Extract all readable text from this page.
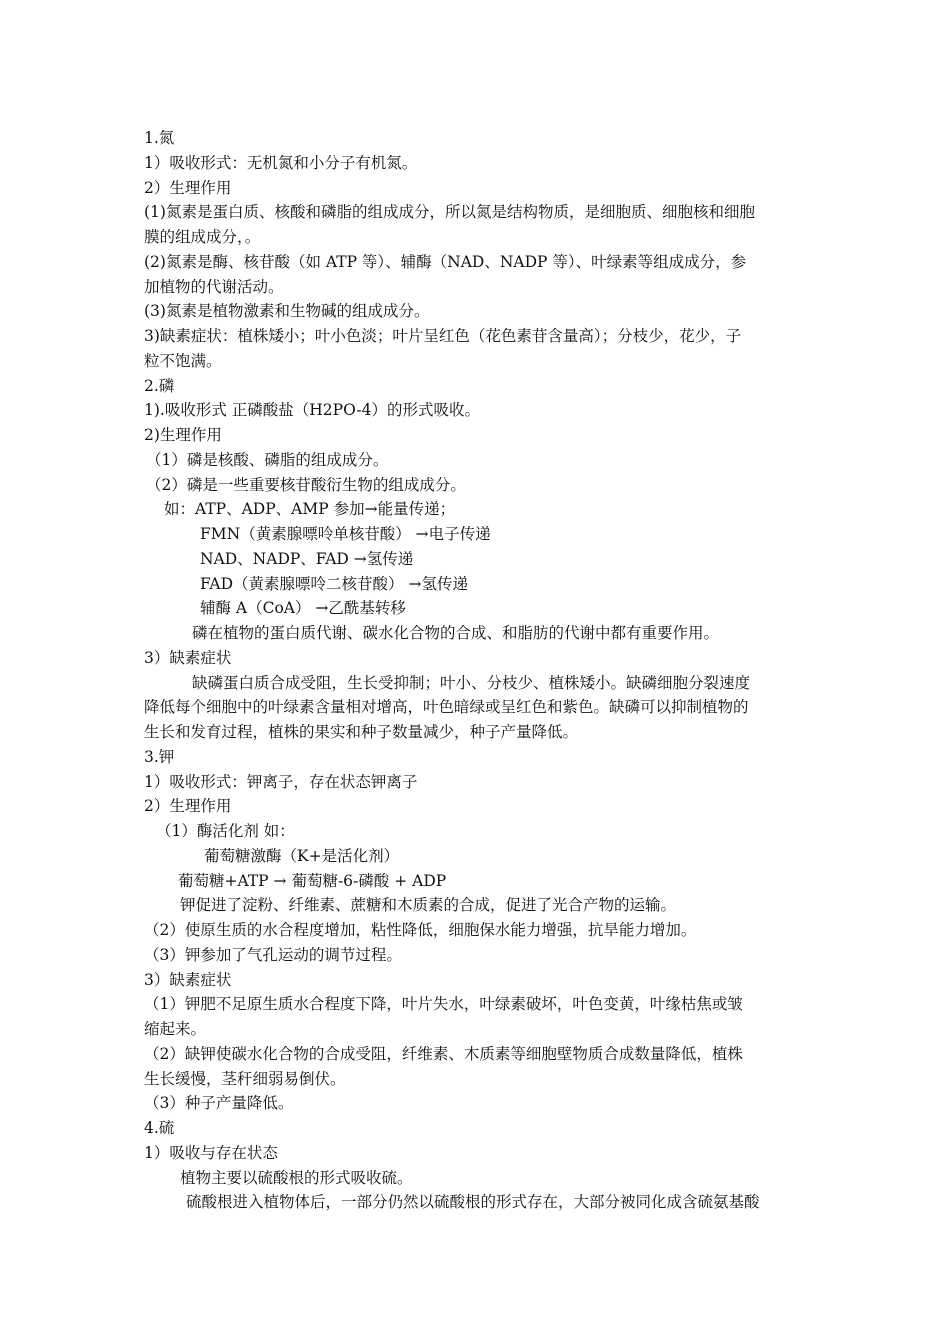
1.氮
1）吸收形式：无机氮和小分子有机氮。
2）生理作用
(1)氮素是蛋白质、核酸和磷脂的组成成分，所以氮是结构物质，是细胞质、细胞核和细胞
膜的组成成分，。
(2)氮素是酶、核苷酸（如 ATP 等）、辅酶（NAD、NADP 等）、叶绿素等组成成分，参
加植物的代谢活动。
(3)氮素是植物激素和生物碱的组成成分。
3)缺素症状：植株矮小；叶小色淡；叶片呈红色（花色素苷含量高）；分枝少，花少，子
粒不饱满。
2.磷
1).吸收形式 正磷酸盐（H2PO-4）的形式吸收。
2)生理作用
（1）磷是核酸、磷脂的组成成分。
（2）磷是一些重要核苷酸衍生物的组成成分。
如：ATP、ADP、AMP 参加→能量传递；
FMN（黄素腺嘌呤单核苷酸） →电子传递
NAD、NADP、FAD →氢传递
FAD（黄素腺嘌呤二核苷酸） →氢传递
辅酶 A（CoA） →乙酰基转移
磷在植物的蛋白质代谢、碳水化合物的合成、和脂肪的代谢中都有重要作用。
3）缺素症状
缺磷蛋白质合成受阻，生长受抑制；叶小、分枝少、植株矮小。缺磷细胞分裂速度
降低每个细胞中的叶绿素含量相对增高，叶色暗绿或呈红色和紫色。缺磷可以抑制植物的
生长和发育过程，植株的果实和种子数量减少，种子产量降低。
3.钾
1）吸收形式：钾离子，存在状态钾离子
2）生理作用
（1）酶活化剂 如：
葡萄糖激酶（K+是活化剂）
葡萄糖+ATP → 葡萄糖-6-磷酸 + ADP
钾促进了淀粉、纤维素、蔗糖和木质素的合成，促进了光合产物的运输。
（2）使原生质的水合程度增加，粘性降低，细胞保水能力增强，抗旱能力增加。
（3）钾参加了气孔运动的调节过程。
3）缺素症状
（1）钾肥不足原生质水合程度下降，叶片失水，叶绿素破坏，叶色变黄，叶缘枯焦或皱
缩起来。
（2）缺钾使碳水化合物的合成受阻，纤维素、木质素等细胞壁物质合成数量降低，植株
生长缓慢，茎秆细弱易倒伏。
（3）种子产量降低。
4.硫
1）吸收与存在状态
植物主要以硫酸根的形式吸收硫。
硫酸根进入植物体后，一部分仍然以硫酸根的形式存在，大部分被同化成含硫氨基酸
